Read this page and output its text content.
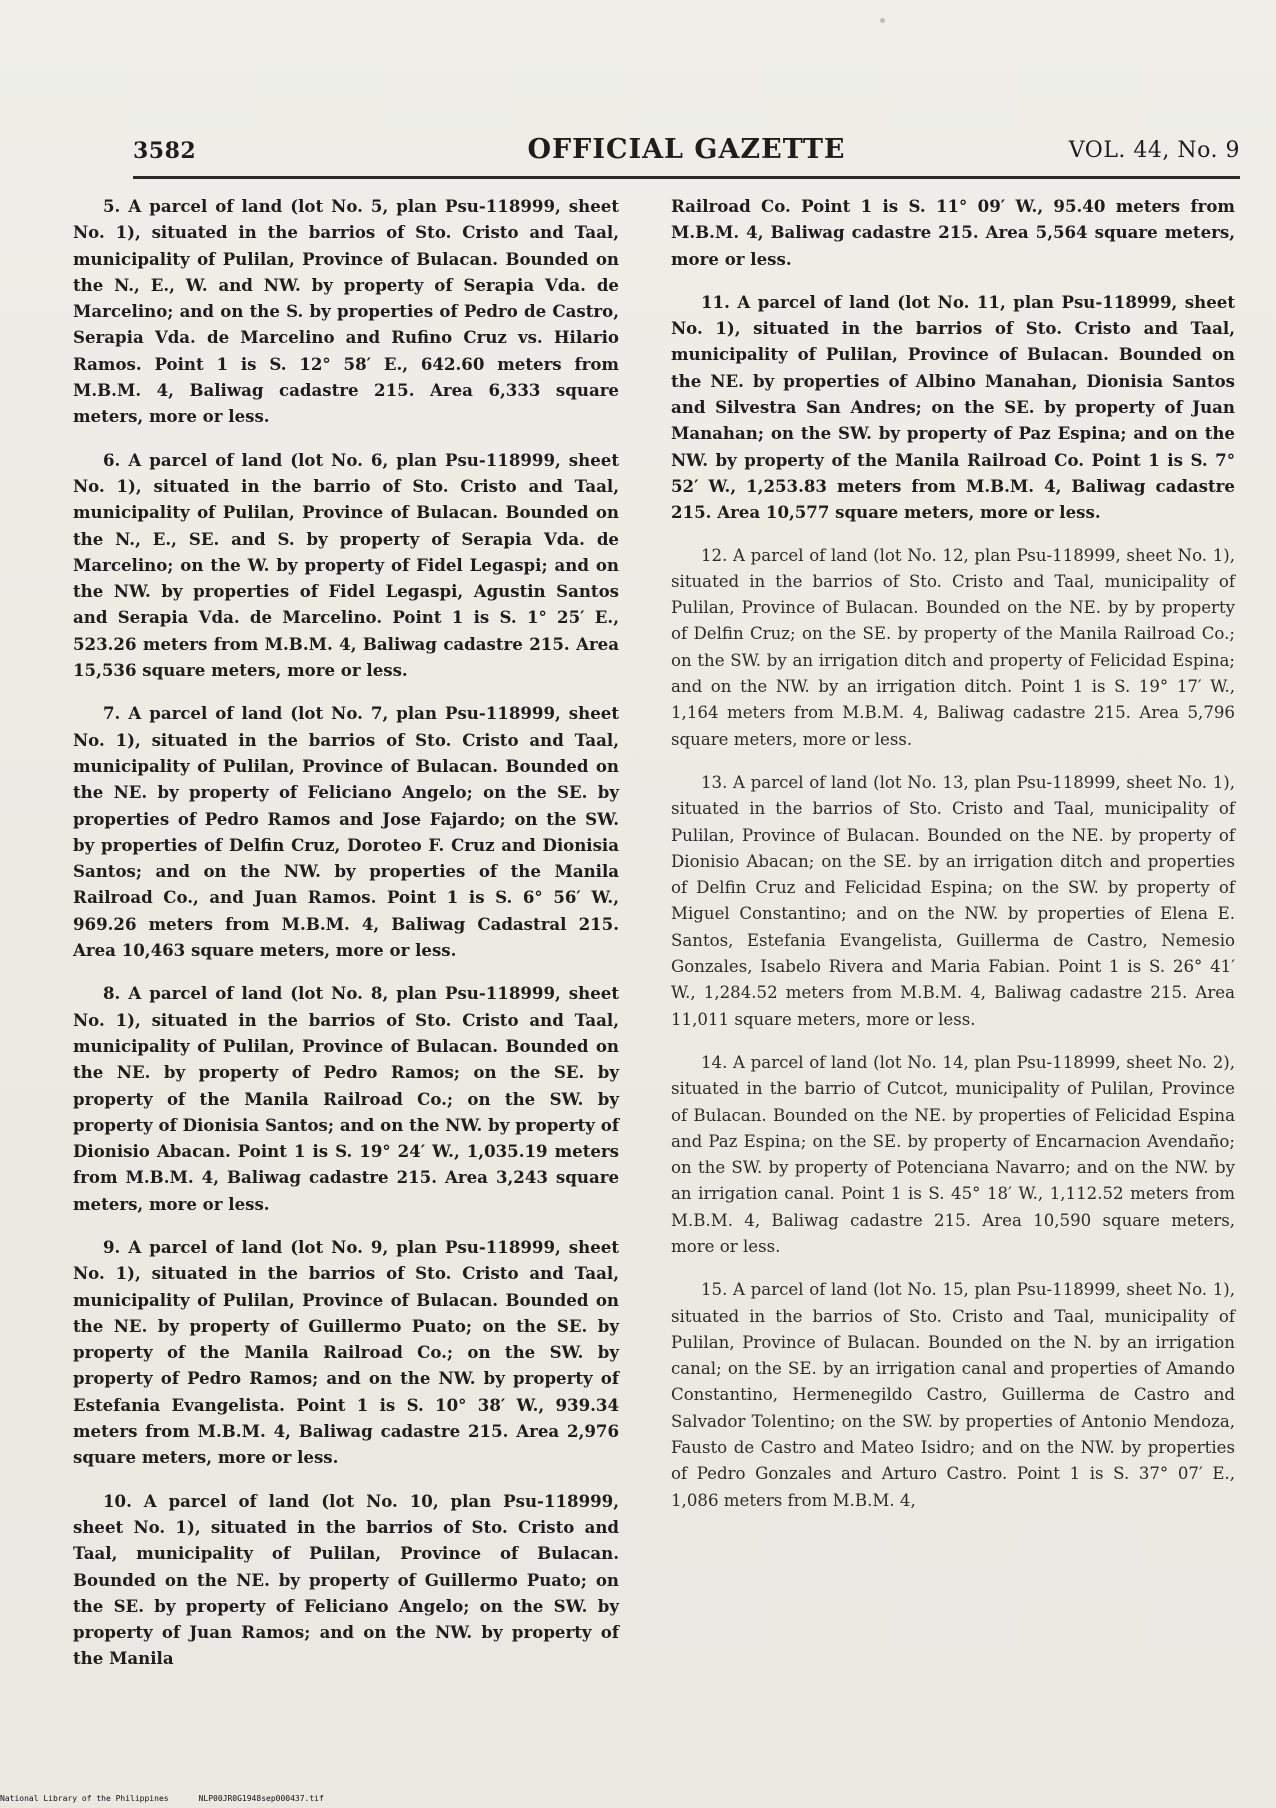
3582	OFFICIAL GAZETTE	VOL. 44, No. 9

5. A parcel of land (lot No. 5, plan Psu-118999, sheet No. 1), situated in the barrios of Sto. Cristo and Taal, municipality of Pulilan, Province of Bulacan. Bounded on the N., E., W. and NW. by property of Serapia Vda. de Marcelino; and on the S. by properties of Pedro de Castro, Serapia Vda. de Marcelino and Rufino Cruz vs. Hilario Ramos. Point 1 is S. 12° 58′ E., 642.60 meters from M.B.M. 4, Baliwag cadastre 215. Area 6,333 square meters, more or less.

6. A parcel of land (lot No. 6, plan Psu-118999, sheet No. 1), situated in the barrio of Sto. Cristo and Taal, municipality of Pulilan, Province of Bulacan. Bounded on the N., E., SE. and S. by property of Serapia Vda. de Marcelino; on the W. by property of Fidel Legaspi; and on the NW. by properties of Fidel Legaspi, Agustin Santos and Serapia Vda. de Marcelino. Point 1 is S. 1° 25′ E., 523.26 meters from M.B.M. 4, Baliwag cadastre 215. Area 15,536 square meters, more or less.

7. A parcel of land (lot No. 7, plan Psu-118999, sheet No. 1), situated in the barrios of Sto. Cristo and Taal, municipality of Pulilan, Province of Bulacan. Bounded on the NE. by property of Feliciano Angelo; on the SE. by properties of Pedro Ramos and Jose Fajardo; on the SW. by properties of Delfin Cruz, Doroteo F. Cruz and Dionisia Santos; and on the NW. by properties of the Manila Railroad Co., and Juan Ramos. Point 1 is S. 6° 56′ W., 969.26 meters from M.B.M. 4, Baliwag Cadastral 215. Area 10,463 square meters, more or less.

8. A parcel of land (lot No. 8, plan Psu-118999, sheet No. 1), situated in the barrios of Sto. Cristo and Taal, municipality of Pulilan, Province of Bulacan. Bounded on the NE. by property of Pedro Ramos; on the SE. by property of the Manila Railroad Co.; on the SW. by property of Dionisia Santos; and on the NW. by property of Dionisio Abacan. Point 1 is S. 19° 24′ W., 1,035.19 meters from M.B.M. 4, Baliwag cadastre 215. Area 3,243 square meters, more or less.

9. A parcel of land (lot No. 9, plan Psu-118999, sheet No. 1), situated in the barrios of Sto. Cristo and Taal, municipality of Pulilan, Province of Bulacan. Bounded on the NE. by property of Guillermo Puato; on the SE. by property of the Manila Railroad Co.; on the SW. by property of Pedro Ramos; and on the NW. by property of Estefania Evangelista. Point 1 is S. 10° 38′ W., 939.34 meters from M.B.M. 4, Baliwag cadastre 215. Area 2,976 square meters, more or less.

10. A parcel of land (lot No. 10, plan Psu-118999, sheet No. 1), situated in the barrios of Sto. Cristo and Taal, municipality of Pulilan, Province of Bulacan. Bounded on the NE. by property of Guillermo Puato; on the SE. by property of Feliciano Angelo; on the SW. by property of Juan Ramos; and on the NW. by property of the Manila

Railroad Co. Point 1 is S. 11° 09′ W., 95.40 meters from M.B.M. 4, Baliwag cadastre 215. Area 5,564 square meters, more or less.

11. A parcel of land (lot No. 11, plan Psu-118999, sheet No. 1), situated in the barrios of Sto. Cristo and Taal, municipality of Pulilan, Province of Bulacan. Bounded on the NE. by properties of Albino Manahan, Dionisia Santos and Silvestra San Andres; on the SE. by property of Juan Manahan; on the SW. by property of Paz Espina; and on the NW. by property of the Manila Railroad Co. Point 1 is S. 7° 52′ W., 1,253.83 meters from M.B.M. 4, Baliwag cadastre 215. Area 10,577 square meters, more or less.

12. A parcel of land (lot No. 12, plan Psu-118999, sheet No. 1), situated in the barrios of Sto. Cristo and Taal, municipality of Pulilan, Province of Bulacan. Bounded on the NE. by by property of Delfin Cruz; on the SE. by property of the Manila Railroad Co.; on the SW. by an irrigation ditch and property of Felicidad Espina; and on the NW. by an irrigation ditch. Point 1 is S. 19° 17′ W., 1,164 meters from M.B.M. 4, Baliwag cadastre 215. Area 5,796 square meters, more or less.

13. A parcel of land (lot No. 13, plan Psu-118999, sheet No. 1), situated in the barrios of Sto. Cristo and Taal, municipality of Pulilan, Province of Bulacan. Bounded on the NE. by property of Dionisio Abacan; on the SE. by an irrigation ditch and properties of Delfin Cruz and Felicidad Espina; on the SW. by property of Miguel Constantino; and on the NW. by properties of Elena E. Santos, Estefania Evangelista, Guillerma de Castro, Nemesio Gonzales, Isabelo Rivera and Maria Fabian. Point 1 is S. 26° 41′ W., 1,284.52 meters from M.B.M. 4, Baliwag cadastre 215. Area 11,011 square meters, more or less.

14. A parcel of land (lot No. 14, plan Psu-118999, sheet No. 2), situated in the barrio of Cutcot, municipality of Pulilan, Province of Bulacan. Bounded on the NE. by properties of Felicidad Espina and Paz Espina; on the SE. by property of Encarnacion Avendaño; on the SW. by property of Potenciana Navarro; and on the NW. by an irrigation canal. Point 1 is S. 45° 18′ W., 1,112.52 meters from M.B.M. 4, Baliwag cadastre 215. Area 10,590 square meters, more or less.

15. A parcel of land (lot No. 15, plan Psu-118999, sheet No. 1), situated in the barrios of Sto. Cristo and Taal, municipality of Pulilan, Province of Bulacan. Bounded on the N. by an irrigation canal; on the SE. by an irrigation canal and properties of Amando Constantino, Hermenegildo Castro, Guillerma de Castro and Salvador Tolentino; on the SW. by properties of Antonio Mendoza, Fausto de Castro and Mateo Isidro; and on the NW. by properties of Pedro Gonzales and Arturo Castro. Point 1 is S. 37° 07′ E., 1,086 meters from M.B.M. 4,

National Library of the Philippines	NLP00JR0G1948sep000437.tif
